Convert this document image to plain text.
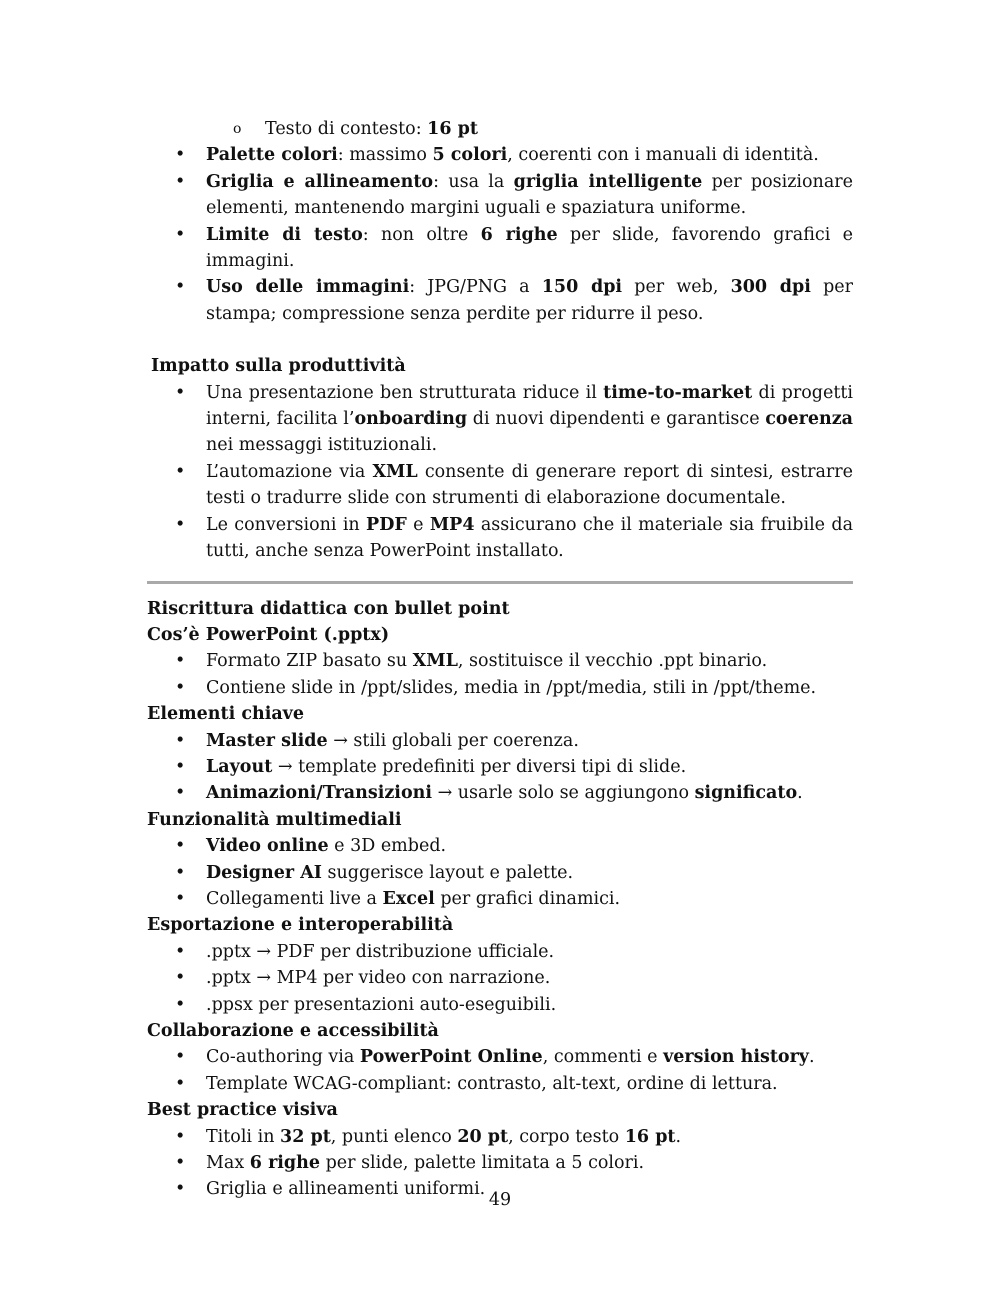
o Testo di contesto: 16 pt
• Palette colori: massimo 5 colori, coerenti con i manuali di identità.
• Griglia e allineamento: usa la griglia intelligente per posizionare elementi, mantenendo margini uguali e spaziatura uniforme.
• Limite di testo: non oltre 6 righe per slide, favorendo grafici e immagini.
• Uso delle immagini: JPG/PNG a 150 dpi per web, 300 dpi per stampa; compressione senza perdite per ridurre il peso.
Impatto sulla produttività
• Una presentazione ben strutturata riduce il time-to-market di progetti interni, facilita l’onboarding di nuovi dipendenti e garantisce coerenza nei messaggi istituzionali.
• L’automazione via XML consente di generare report di sintesi, estrarre testi o tradurre slide con strumenti di elaborazione documentale.
• Le conversioni in PDF e MP4 assicurano che il materiale sia fruibile da tutti, anche senza PowerPoint installato.
Riscrittura didattica con bullet point
Cos’è PowerPoint (.pptx)
• Formato ZIP basato su XML, sostituisce il vecchio .ppt binario.
• Contiene slide in /ppt/slides, media in /ppt/media, stili in /ppt/theme.
Elementi chiave
• Master slide → stili globali per coerenza.
• Layout → template predefiniti per diversi tipi di slide.
• Animazioni/Transizioni → usarle solo se aggiungono significato.
Funzionalità multimediali
• Video online e 3D embed.
• Designer AI suggerisce layout e palette.
• Collegamenti live a Excel per grafici dinamici.
Esportazione e interoperabilità
• .pptx → PDF per distribuzione ufficiale.
• .pptx → MP4 per video con narrazione.
• .ppsx per presentazioni auto-eseguibili.
Collaborazione e accessibilità
• Co-authoring via PowerPoint Online, commenti e version history.
• Template WCAG-compliant: contrasto, alt-text, ordine di lettura.
Best practice visiva
• Titoli in 32 pt, punti elenco 20 pt, corpo testo 16 pt.
• Max 6 righe per slide, palette limitata a 5 colori.
• Griglia e allineamenti uniformi.
49
